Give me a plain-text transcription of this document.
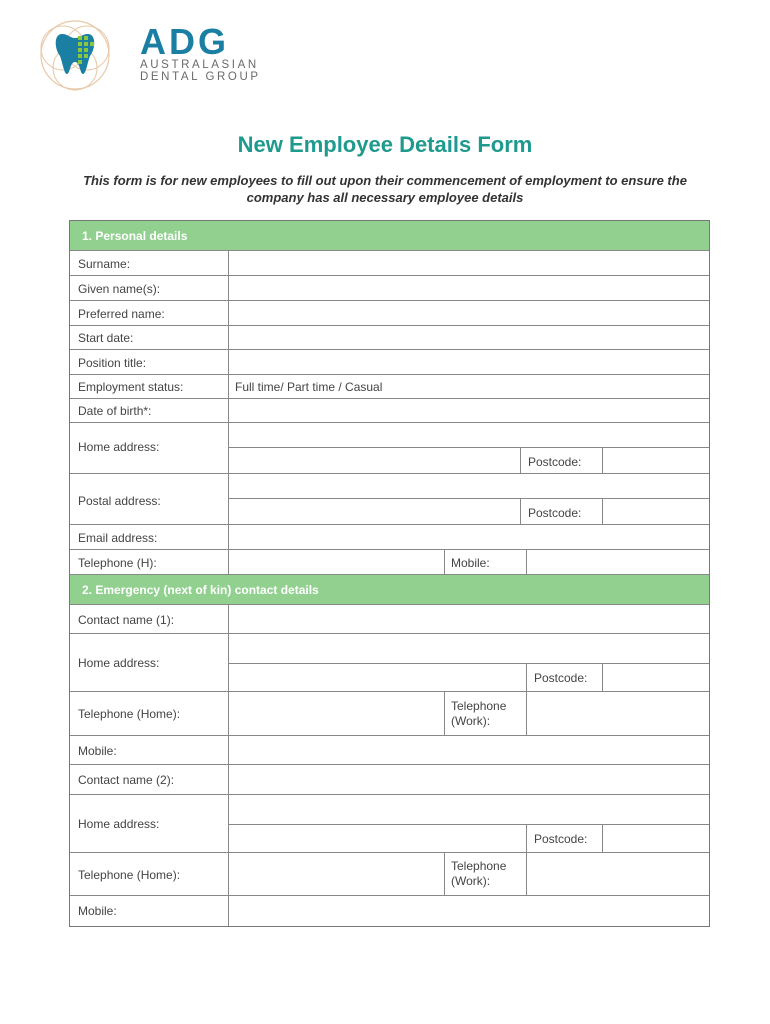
ADG
AUSTRALASIAN
DENTAL GROUP
New Employee Details Form
This form is for new employees to fill out upon their commencement of employment to ensure the
company has all necessary employee details
1. Personal details
Surname:
Given name(s):
Preferred name:
Start date:
Position title:
Employment status:	Full time/ Part time / Casual
Date of birth*:
Home address:
Postcode:
Postal address:
Postcode:
Email address:
Telephone (H):	Mobile:
2. Emergency (next of kin) contact details
Contact name (1):
Home address:
Postcode:
Telephone (Home):
Telephone
(Work):
Mobile:
Contact name (2):
Home address:
Postcode:
Telephone (Home):
Telephone
(Work):
Mobile:
